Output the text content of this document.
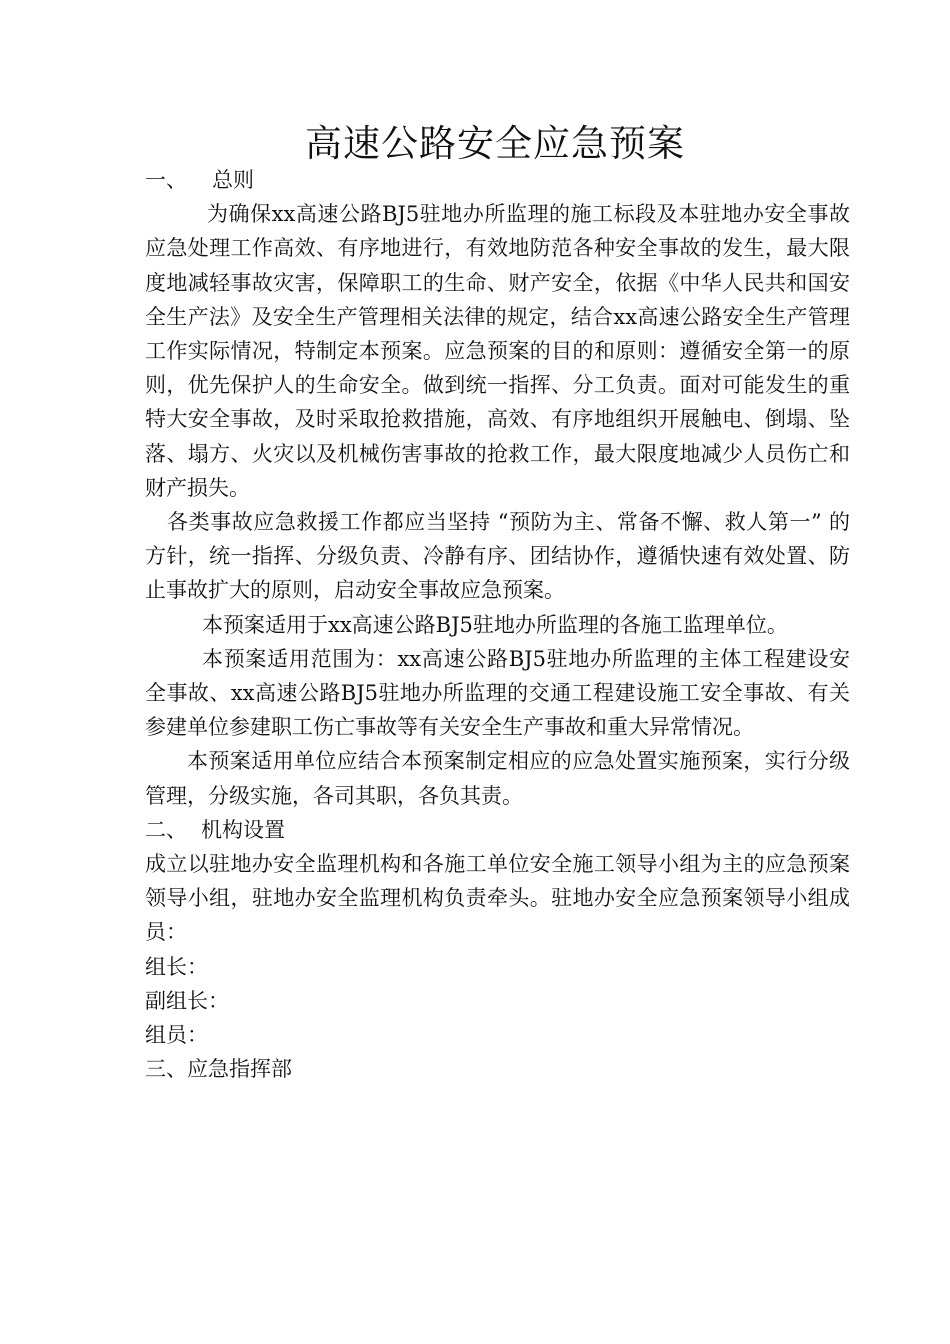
高速公路安全应急预案

一、 总则

为确保xx高速公路BJ5驻地办所监理的施工标段及本驻地办安全事故应急处理工作高效、有序地进行，有效地防范各种安全事故的发生，最大限度地减轻事故灾害，保障职工的生命、财产安全，依据《中华人民共和国安全生产法》及安全生产管理相关法律的规定，结合xx高速公路安全生产管理工作实际情况，特制定本预案。应急预案的目的和原则：遵循安全第一的原则，优先保护人的生命安全。做到统一指挥、分工负责。面对可能发生的重特大安全事故，及时采取抢救措施，高效、有序地组织开展触电、倒塌、坠落、塌方、火灾以及机械伤害事故的抢救工作，最大限度地减少人员伤亡和财产损失。

各类事故应急救援工作都应当坚持 “预防为主、常备不懈、救人第一” 的方针，统一指挥、分级负责、冷静有序、团结协作，遵循快速有效处置、防止事故扩大的原则，启动安全事故应急预案。

本预案适用于xx高速公路BJ5驻地办所监理的各施工监理单位。

本预案适用范围为：xx高速公路BJ5驻地办所监理的主体工程建设安全事故、xx高速公路BJ5驻地办所监理的交通工程建设施工安全事故、有关参建单位参建职工伤亡事故等有关安全生产事故和重大异常情况。

本预案适用单位应结合本预案制定相应的应急处置实施预案，实行分级管理，分级实施，各司其职，各负其责。

二、 机构设置

成立以驻地办安全监理机构和各施工单位安全施工领导小组为主的应急预案领导小组，驻地办安全监理机构负责牵头。驻地办安全应急预案领导小组成员：

组长：

副组长：

组员：

三、应急指挥部
